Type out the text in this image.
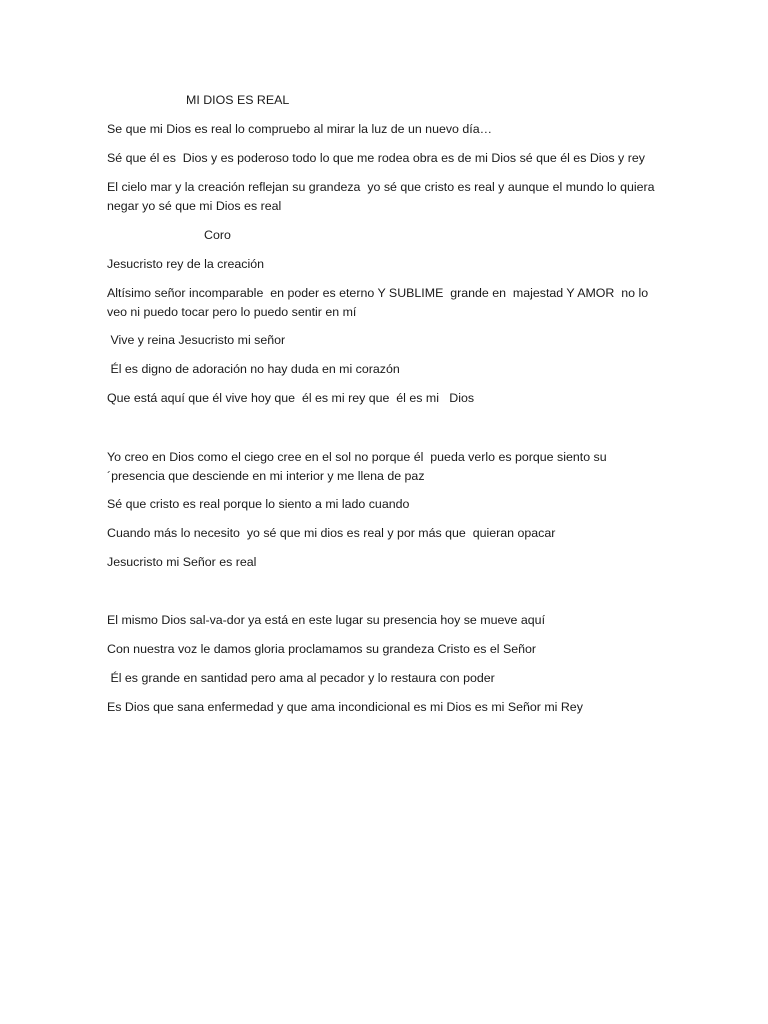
MI DIOS ES REAL

Se que mi Dios es real lo compruebo al mirar la luz de un nuevo día…

Sé que él es  Dios y es poderoso todo lo que me rodea obra es de mi Dios sé que él es Dios y rey

El cielo mar y la creación reflejan su grandeza  yo sé que cristo es real y aunque el mundo lo quiera
negar yo sé que mi Dios es real

Coro

Jesucristo rey de la creación

Altísimo señor incomparable  en poder es eterno Y SUBLIME  grande en  majestad Y AMOR  no lo
veo ni puedo tocar pero lo puedo sentir en mí

Vive y reina Jesucristo mi señor

Él es digno de adoración no hay duda en mi corazón

Que está aquí que él vive hoy que  él es mi rey que  él es mi   Dios

Yo creo en Dios como el ciego cree en el sol no porque él  pueda verlo es porque siento su
´presencia que desciende en mi interior y me llena de paz

Sé que cristo es real porque lo siento a mi lado cuando

Cuando más lo necesito  yo sé que mi dios es real y por más que  quieran opacar

Jesucristo mi Señor es real

El mismo Dios sal-va-dor ya está en este lugar su presencia hoy se mueve aquí

Con nuestra voz le damos gloria proclamamos su grandeza Cristo es el Señor

Él es grande en santidad pero ama al pecador y lo restaura con poder

Es Dios que sana enfermedad y que ama incondicional es mi Dios es mi Señor mi Rey
